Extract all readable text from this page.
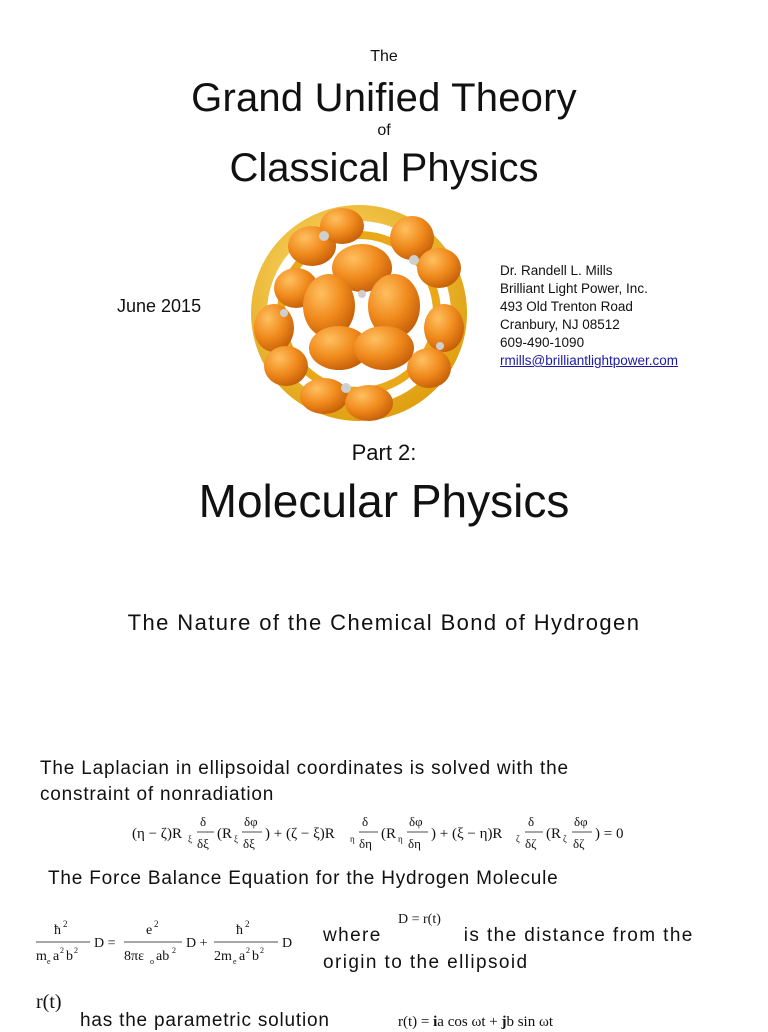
The
Grand Unified Theory
of
Classical Physics
June 2015
Dr. Randell L. Mills
Brilliant Light Power, Inc.
493 Old Trenton Road
Cranbury, NJ 08512
609-490-1090
rmills@brilliantlightpower.com
Part 2:
Molecular Physics
The Nature of the Chemical Bond of Hydrogen
The Laplacian in ellipsoidal coordinates is solved with the constraint of nonradiation
(η − ζ)R ξ
δ
δξ
(R ξ
δφ
δξ
) + (ζ − ξ)R η
δ
δη
(R η
δφ
δη
) + (ξ − η)R ζ
δ
δζ
(R ζ
δφ
δζ
) = 0
The Force Balance Equation for the Hydrogen Molecule
ħ 2
m e a 2 b 2 D =
e 2
8πε o ab 2 D +
ħ 2
2m e a 2 b 2 D
D = r(t)
where	is the distance from the origin to the ellipsoid
r(t)
has the parametric solution	r(t) = ia cos ωt + jb sin ωt
